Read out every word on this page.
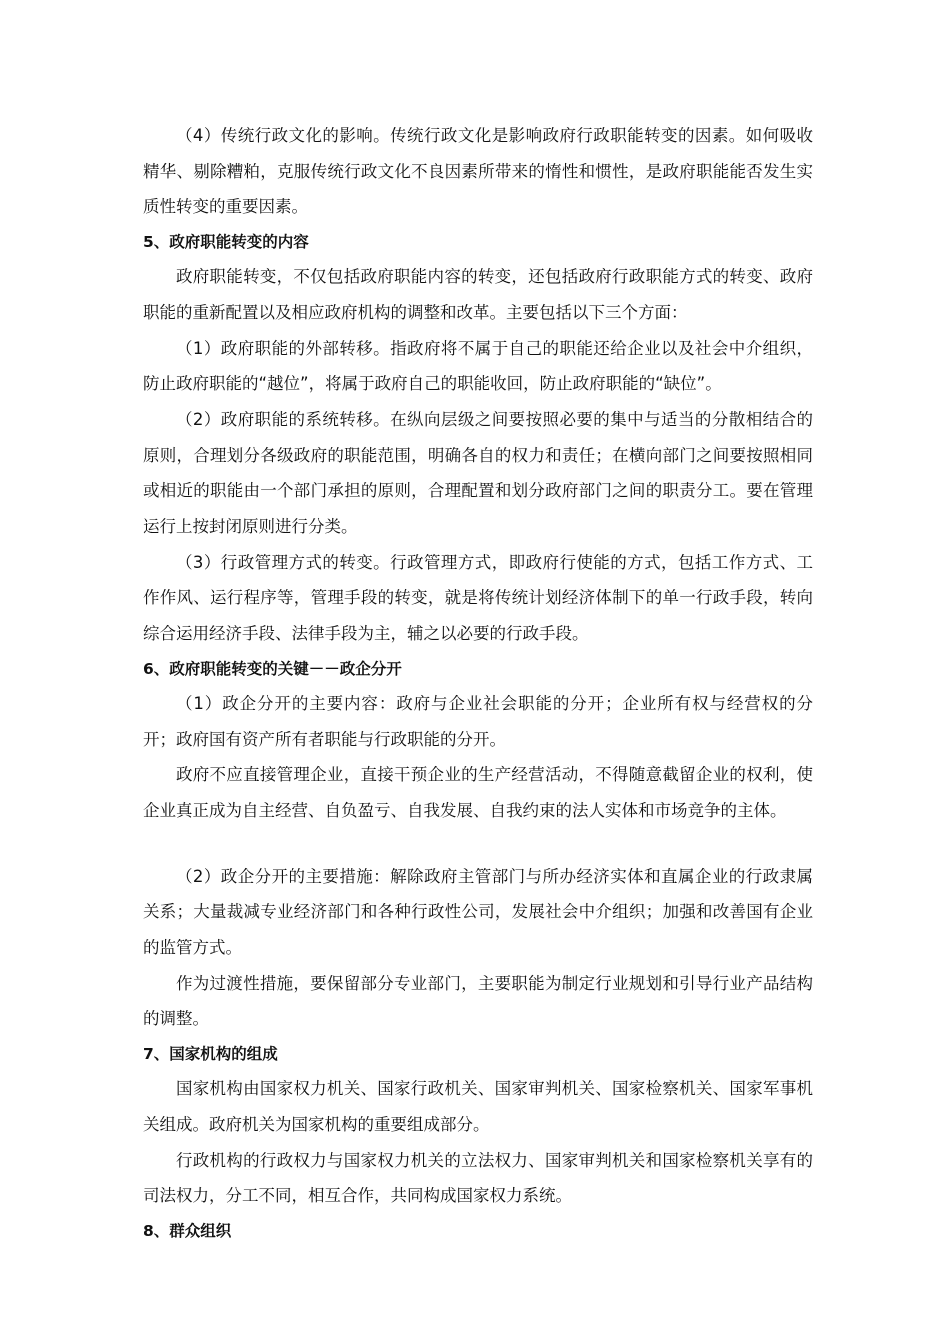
（4）传统行政文化的影响。传统行政文化是影响政府行政职能转变的因素。如何吸收精华、剔除糟粕，克服传统行政文化不良因素所带来的惰性和惯性，是政府职能能否发生实质性转变的重要因素。

5、政府职能转变的内容

政府职能转变，不仅包括政府职能内容的转变，还包括政府行政职能方式的转变、政府职能的重新配置以及相应政府机构的调整和改革。主要包括以下三个方面：

（1）政府职能的外部转移。指政府将不属于自己的职能还给企业以及社会中介组织，防止政府职能的“越位”，将属于政府自己的职能收回，防止政府职能的“缺位”。

（2）政府职能的系统转移。在纵向层级之间要按照必要的集中与适当的分散相结合的原则，合理划分各级政府的职能范围，明确各自的权力和责任；在横向部门之间要按照相同或相近的职能由一个部门承担的原则，合理配置和划分政府部门之间的职责分工。要在管理运行上按封闭原则进行分类。

（3）行政管理方式的转变。行政管理方式，即政府行使能的方式，包括工作方式、工作作风、运行程序等，管理手段的转变，就是将传统计划经济体制下的单一行政手段，转向综合运用经济手段、法律手段为主，辅之以必要的行政手段。

6、政府职能转变的关键－－政企分开

（1）政企分开的主要内容：政府与企业社会职能的分开；企业所有权与经营权的分开；政府国有资产所有者职能与行政职能的分开。

政府不应直接管理企业，直接干预企业的生产经营活动，不得随意截留企业的权利，使企业真正成为自主经营、自负盈亏、自我发展、自我约束的法人实体和市场竞争的主体。

（2）政企分开的主要措施：解除政府主管部门与所办经济实体和直属企业的行政隶属关系；大量裁减专业经济部门和各种行政性公司，发展社会中介组织；加强和改善国有企业的监管方式。

作为过渡性措施，要保留部分专业部门，主要职能为制定行业规划和引导行业产品结构的调整。

7、国家机构的组成

国家机构由国家权力机关、国家行政机关、国家审判机关、国家检察机关、国家军事机关组成。政府机关为国家机构的重要组成部分。

行政机构的行政权力与国家权力机关的立法权力、国家审判机关和国家检察机关享有的司法权力，分工不同，相互合作，共同构成国家权力系统。

8、群众组织
